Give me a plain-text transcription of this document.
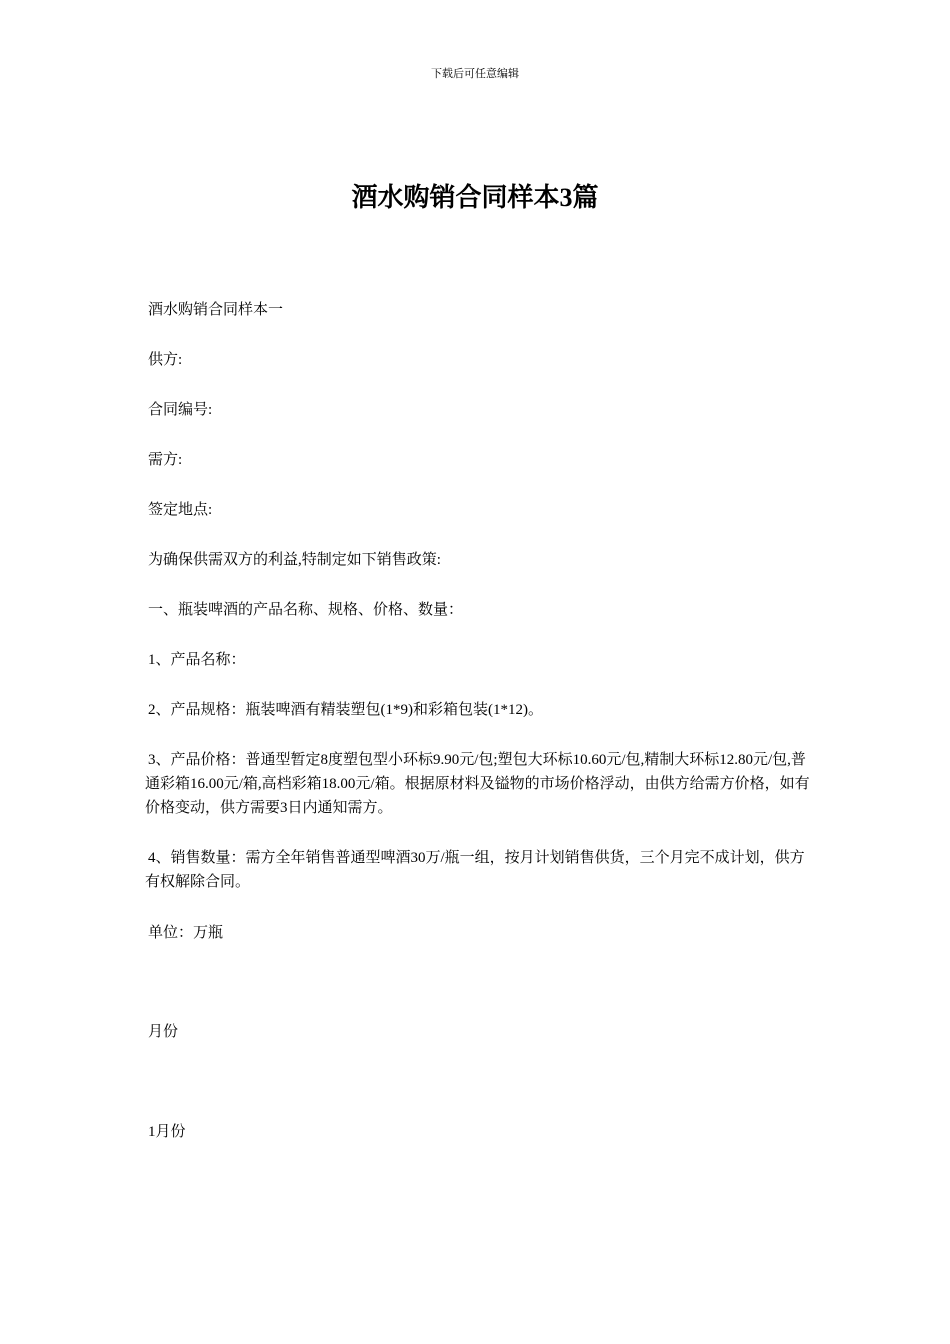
下载后可任意编辑
酒水购销合同样本3篇

酒水购销合同样本一

供方:

合同编号:

需方:

签定地点:

为确保供需双方的利益,特制定如下销售政策:

一、瓶装啤酒的产品名称、规格、价格、数量：

1、产品名称：

2、产品规格：瓶装啤酒有精装塑包(1*9)和彩箱包装(1*12)。

3、产品价格：普通型暂定8度塑包型小环标9.90元/包;塑包大环标10.60元/包,精制大环标12.80元/包,普通彩箱16.00元/箱,高档彩箱18.00元/箱。根据原材料及镒物的市场价格浮动，由供方给需方价格，如有价格变动，供方需要3日内通知需方。

4、销售数量：需方全年销售普通型啤酒30万/瓶一组，按月计划销售供货，三个月完不成计划，供方有权解除合同。

单位：万瓶

月份

1月份
